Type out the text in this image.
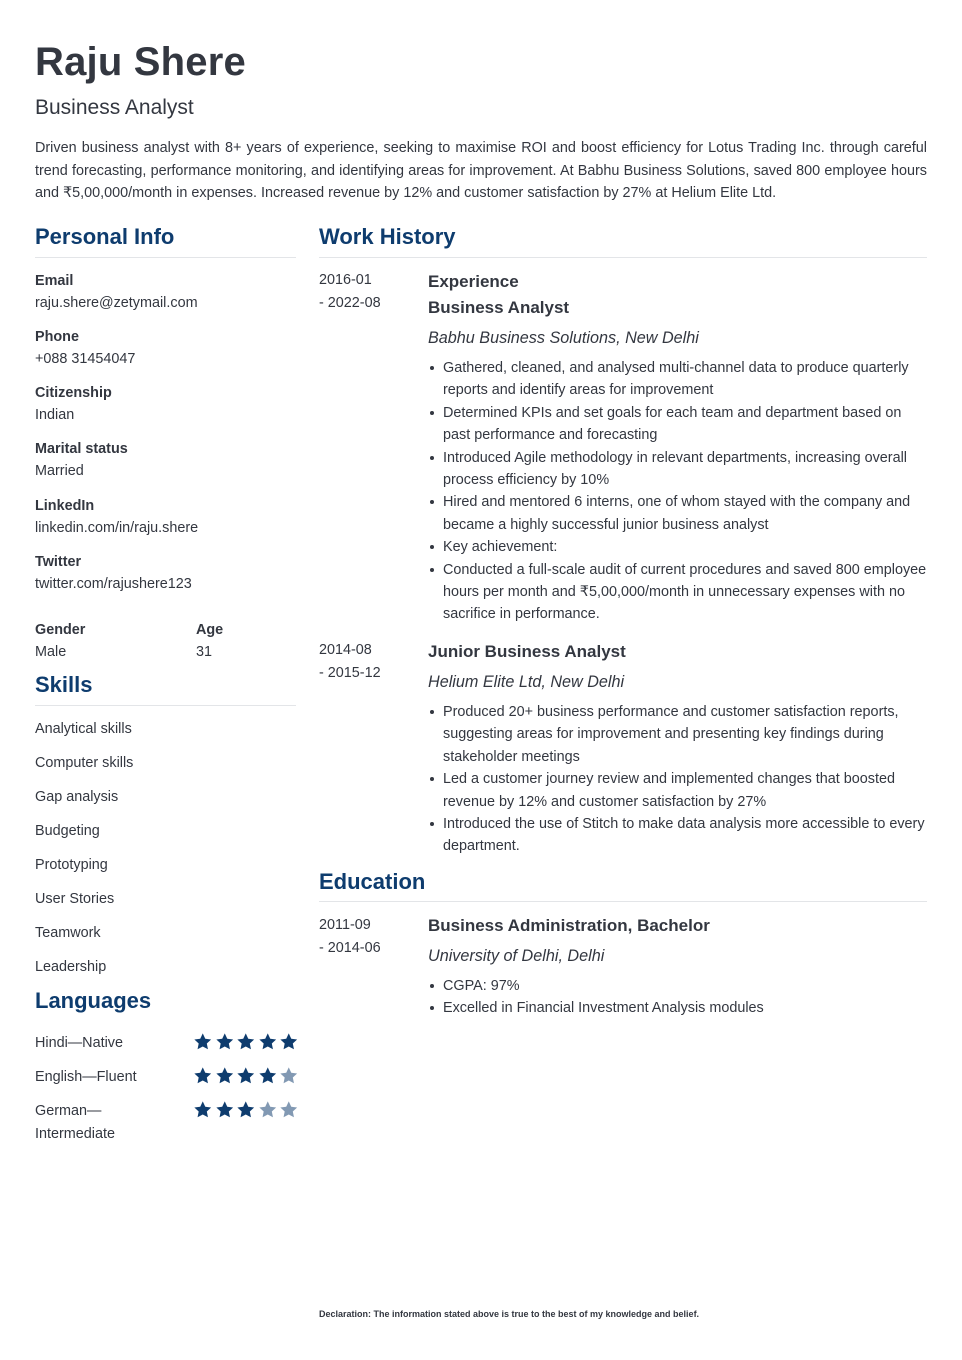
Raju Shere
Business Analyst
Driven business analyst with 8+ years of experience, seeking to maximise ROI and boost efficiency for Lotus Trading Inc. through careful trend forecasting, performance monitoring, and identifying areas for improvement. At Babhu Business Solutions, saved 800 employee hours and ₹5,00,000/month in expenses. Increased revenue by 12% and customer satisfaction by 27% at Helium Elite Ltd.
Personal Info
Email
raju.shere@zetymail.com
Phone
+088 31454047
Citizenship
Indian
Marital status
Married
LinkedIn
linkedin.com/in/raju.shere
Twitter
twitter.com/rajushere123
Gender
Male
Age
31
Skills
Analytical skills
Computer skills
Gap analysis
Budgeting
Prototyping
User Stories
Teamwork
Leadership
Languages
Hindi—Native
English—Fluent
German—Intermediate
Work History
2016-01
- 2022-08
Experience
Business Analyst
Babhu Business Solutions, New Delhi
Gathered, cleaned, and analysed multi-channel data to produce quarterly reports and identify areas for improvement
Determined KPIs and set goals for each team and department based on past performance and forecasting
Introduced Agile methodology in relevant departments, increasing overall process efficiency by 10%
Hired and mentored 6 interns, one of whom stayed with the company and became a highly successful junior business analyst
Key achievement:
Conducted a full-scale audit of current procedures and saved 800 employee hours per month and ₹5,00,000/month in unnecessary expenses with no sacrifice in performance.
2014-08
- 2015-12
Junior Business Analyst
Helium Elite Ltd, New Delhi
Produced 20+ business performance and customer satisfaction reports, suggesting areas for improvement and presenting key findings during stakeholder meetings
Led a customer journey review and implemented changes that boosted revenue by 12% and customer satisfaction by 27%
Introduced the use of Stitch to make data analysis more accessible to every department.
Education
2011-09
- 2014-06
Business Administration, Bachelor
University of Delhi, Delhi
CGPA: 97%
Excelled in Financial Investment Analysis modules
Declaration: The information stated above is true to the best of my knowledge and belief.
